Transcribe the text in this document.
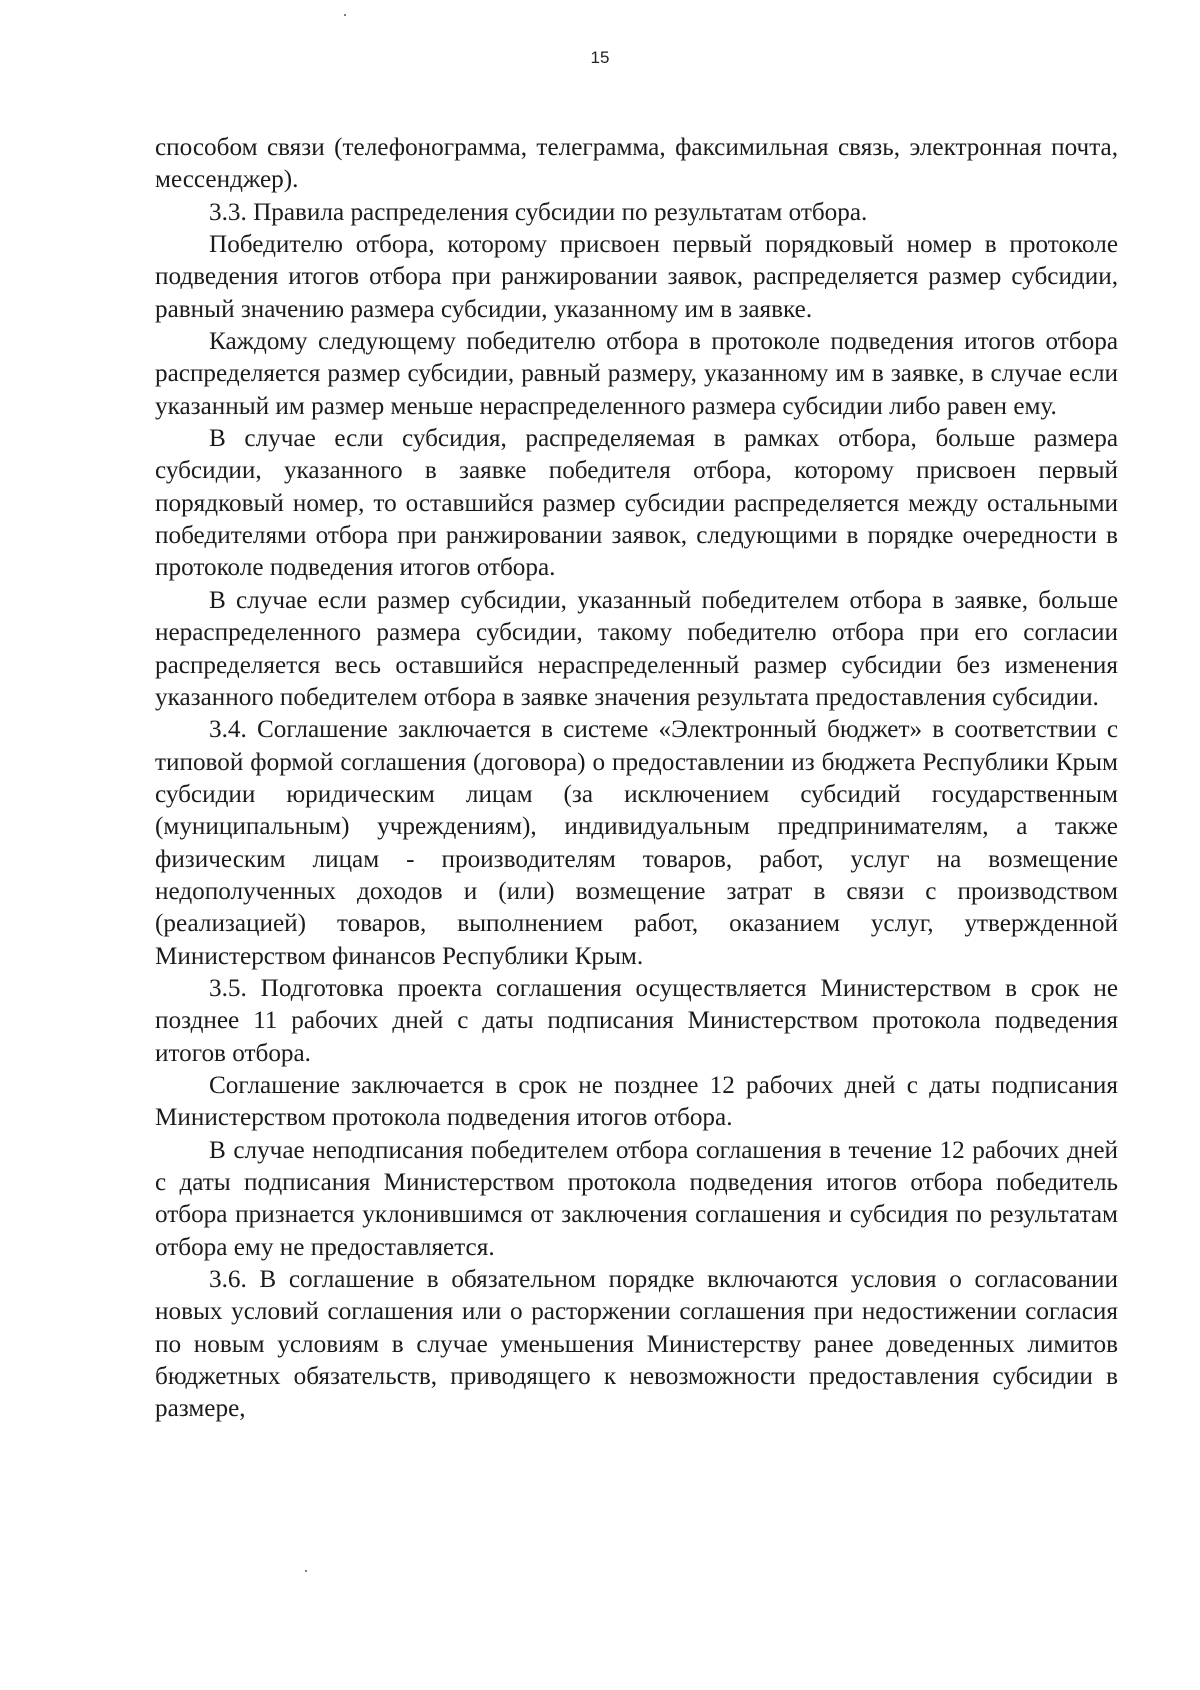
15

способом связи (телефонограмма, телеграмма, факсимильная связь, электронная почта, мессенджер).

3.3. Правила распределения субсидии по результатам отбора.

Победителю отбора, которому присвоен первый порядковый номер в протоколе подведения итогов отбора при ранжировании заявок, распределяется размер субсидии, равный значению размера субсидии, указанному им в заявке.

Каждому следующему победителю отбора в протоколе подведения итогов отбора распределяется размер субсидии, равный размеру, указанному им в заявке, в случае если указанный им размер меньше нераспределенного размера субсидии либо равен ему.

В случае если субсидия, распределяемая в рамках отбора, больше размера субсидии, указанного в заявке победителя отбора, которому присвоен первый порядковый номер, то оставшийся размер субсидии распределяется между остальными победителями отбора при ранжировании заявок, следующими в порядке очередности в протоколе подведения итогов отбора.

В случае если размер субсидии, указанный победителем отбора в заявке, больше нераспределенного размера субсидии, такому победителю отбора при его согласии распределяется весь оставшийся нераспределенный размер субсидии без изменения указанного победителем отбора в заявке значения результата предоставления субсидии.

3.4. Соглашение заключается в системе «Электронный бюджет» в соответствии с типовой формой соглашения (договора) о предоставлении из бюджета Республики Крым субсидии юридическим лицам (за исключением субсидий государственным (муниципальным) учреждениям), индивидуальным предпринимателям, а также физическим лицам - производителям товаров, работ, услуг на возмещение недополученных доходов и (или) возмещение затрат в связи с производством (реализацией) товаров, выполнением работ, оказанием услуг, утвержденной Министерством финансов Республики Крым.

3.5. Подготовка проекта соглашения осуществляется Министерством в срок не позднее 11 рабочих дней с даты подписания Министерством протокола подведения итогов отбора.

Соглашение заключается в срок не позднее 12 рабочих дней с даты подписания Министерством протокола подведения итогов отбора.

В случае неподписания победителем отбора соглашения в течение 12 рабочих дней с даты подписания Министерством протокола подведения итогов отбора победитель отбора признается уклонившимся от заключения соглашения и субсидия по результатам отбора ему не предоставляется.

3.6. В соглашение в обязательном порядке включаются условия о согласовании новых условий соглашения или о расторжении соглашения при недостижении согласия по новым условиям в случае уменьшения Министерству ранее доведенных лимитов бюджетных обязательств, приводящего к невозможности предоставления субсидии в размере,
